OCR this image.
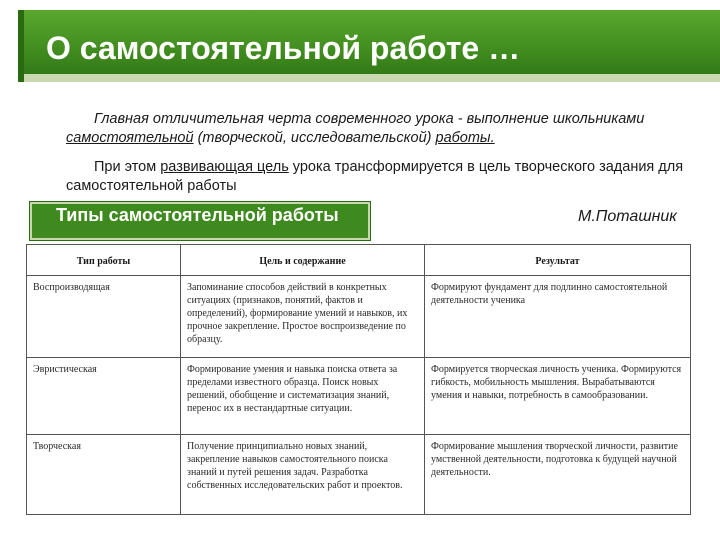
О самостоятельной работе …

Главная отличительная черта современного урока - выполнение школьниками самостоятельной (творческой, исследовательской) работы.

При этом развивающая цель урока трансформируется в цель творческого задания для самостоятельной работы

Типы самостоятельной работы	М.Поташник
Тип работы	Цель и содержание	Результат
Воспроизводящая	Запоминание способов действий в конкретных ситуациях (признаков, понятий, фактов и определений), формирование умений и навыков, их прочное закрепление. Простое воспроизведение по образцу.	Формируют фундамент для подлинно самостоятельной деятельности ученика
Эвристическая	Формирование умения и навыка поиска ответа за пределами известного образца. Поиск новых решений, обобщение и систематизация знаний, перенос их в нестандартные ситуации.	Формируется творческая личность ученика. Формируются гибкость, мобильность мышления. Вырабатываются умения и навыки, потребность в самообразовании.
Творческая	Получение принципиально новых знаний, закрепление навыков самостоятельного поиска знаний и путей решения задач. Разработка собственных исследовательских работ и проектов.	Формирование мышления творческой личности, развитие умственной деятельности, подготовка к будущей научной деятельности.
